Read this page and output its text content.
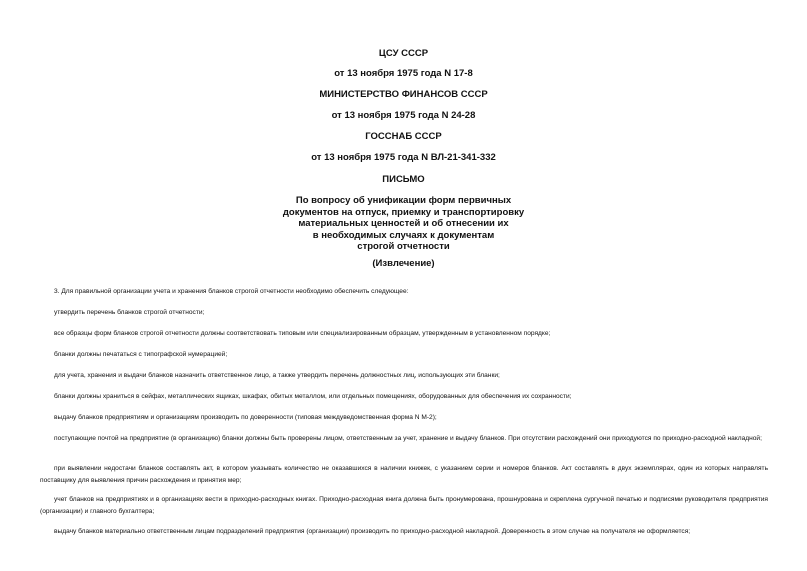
ЦСУ СССР
от 13 ноября 1975 года N 17-8
МИНИСТЕРСТВО ФИНАНСОВ СССР
от 13 ноября 1975 года N 24-28
ГОССНАБ СССР
от 13 ноября 1975 года N ВЛ-21-341-332
ПИСЬМО
По вопросу об унификации форм первичных
документов на отпуск, приемку и транспортировку
материальных ценностей и об отнесении их
в необходимых случаях к документам
строгой отчетности
(Извлечение)
3. Для правильной организации учета и хранения бланков строгой отчетности необходимо обеспечить следующее:
утвердить перечень бланков строгой отчетности;
все образцы форм бланков строгой отчетности должны соответствовать типовым или специализированным образцам, утвержденным в установленном порядке;
бланки должны печататься с типографской нумерацией;
для учета, хранения и выдачи бланков назначить ответственное лицо, а также утвердить перечень должностных лиц, использующих эти бланки;
бланки должны храниться в сейфах, металлических ящиках, шкафах, обитых металлом, или отдельных помещениях, оборудованных для обеспечения их сохранности;
выдачу бланков предприятиям и организациям производить по доверенности (типовая междуведомственная форма N М-2);
поступающие почтой на предприятие (в организацию) бланки должны быть проверены лицом, ответственным за учет, хранение и выдачу бланков. При отсутствии расхождений они приходуются по приходно-расходной накладной;
при выявлении недостачи бланков составлять акт, в котором указывать количество не оказавшихся в наличии книжек, с указанием серии и номеров бланков. Акт составлять в двух экземплярах, один из которых направлять поставщику для выявления причин расхождения и принятия мер;
учет бланков на предприятиях и в организациях вести в приходно-расходных книгах. Приходно-расходная книга должна быть пронумерована, прошнурована и скреплена сургучной печатью и подписями руководителя предприятия (организации) и главного бухгалтера;
выдачу бланков материально ответственным лицам подразделений предприятия (организации) производить по приходно-расходной накладной. Доверенность в этом случае на получателя не оформляется;
